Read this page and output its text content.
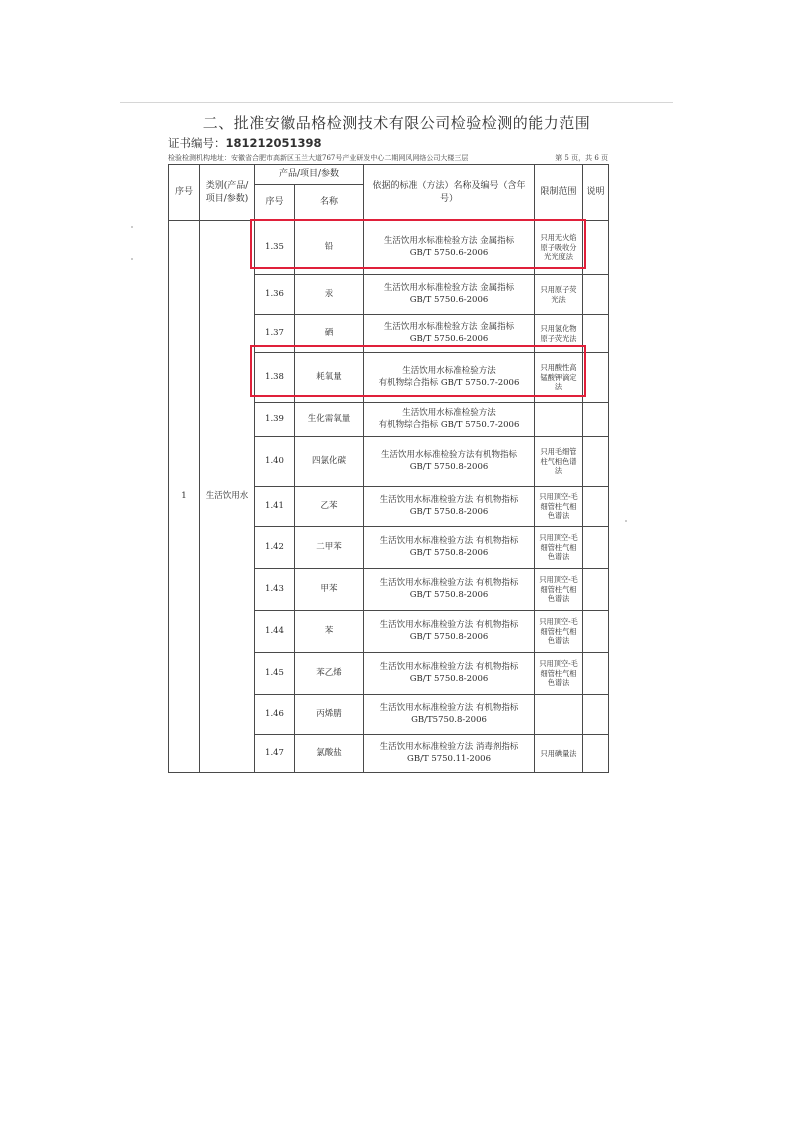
二、批准安徽品格检测技术有限公司检验检测的能力范围
证书编号：181212051398
检验检测机构地址：安徽省合肥市高新区玉兰大道767号产业研发中心二期网风网络公司大楼三层	第 5 页，共 6 页
序号	类别(产品/项目/参数)	产品/项目/参数		依据的标准（方法）名称及编号（含年号）	限制范围	说明
		序号	名称			
1	生活饮用水	1.35	铅	生活饮用水标准检验方法 金属指标
GB/T 5750.6-2006	只用无火焰原子吸收分光光度法	
		1.36	汞	生活饮用水标准检验方法 金属指标
GB/T 5750.6-2006	只用原子荧光法	
		1.37	硒	生活饮用水标准检验方法 金属指标
GB/T 5750.6-2006	只用氢化物原子荧光法	
		1.38	耗氧量	生活饮用水标准检验方法
有机物综合指标 GB/T 5750.7-2006	只用酸性高锰酸钾滴定法	
		1.39	生化需氧量	生活饮用水标准检验方法
有机物综合指标 GB/T 5750.7-2006		

		1.40	四氯化碳	生活饮用水标准检验方法有机物指标
GB/T 5750.8-2006	只用毛细管柱气相色谱法	
		1.41	乙苯	生活饮用水标准检验方法 有机物指标
GB/T 5750.8-2006	只用顶空-毛细管柱气相色谱法	
		1.42	二甲苯	生活饮用水标准检验方法 有机物指标
GB/T 5750.8-2006	只用顶空-毛细管柱气相色谱法	
		1.43	甲苯	生活饮用水标准检验方法 有机物指标
GB/T 5750.8-2006	只用顶空-毛细管柱气相色谱法	
		1.44	苯	生活饮用水标准检验方法 有机物指标
GB/T 5750.8-2006	只用顶空-毛细管柱气相色谱法	
		1.45	苯乙烯	生活饮用水标准检验方法 有机物指标
GB/T 5750.8-2006	只用顶空-毛细管柱气相色谱法	
		1.46	丙烯腈	生活饮用水标准检验方法 有机物指标
GB/T5750.8-2006		

		1.47	氯酸盐	生活饮用水标准检验方法 消毒剂指标
GB/T 5750.11-2006	只用碘量法	
